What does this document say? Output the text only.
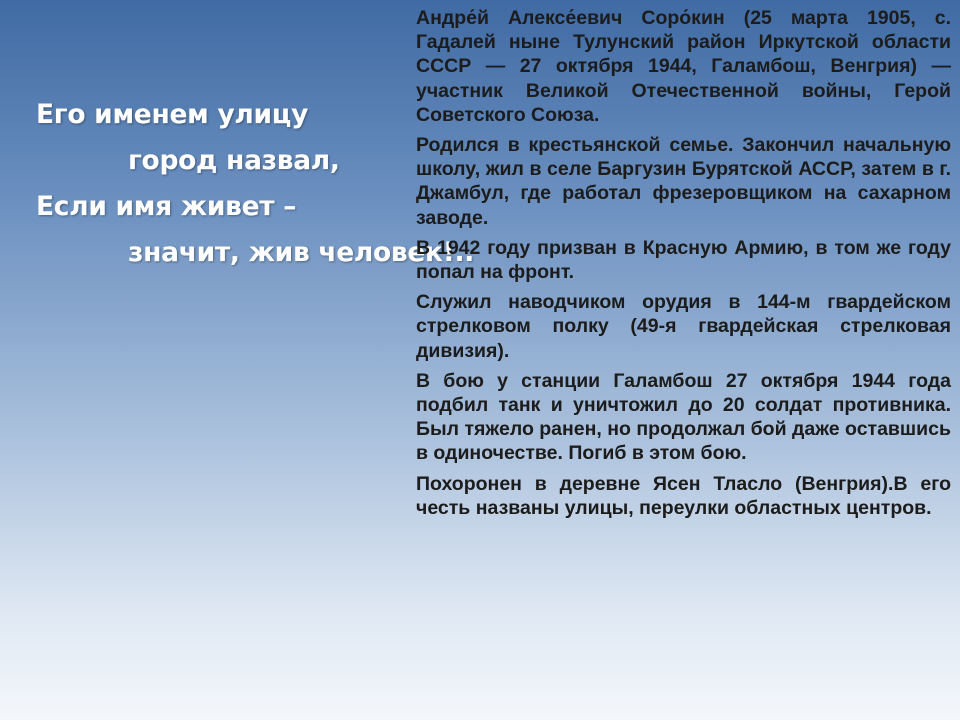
Его именем улицу
город назвал,
Если имя живет –
значит, жив человек!..

Андре́й Алексе́евич Соро́кин (25 марта 1905, с. Гадалей ныне Тулунский район Иркутской области СССР — 27 октября 1944, Галамбош, Венгрия) — участник Великой Отечественной войны, Герой Советского Союза.

Родился в крестьянской семье. Закончил начальную школу, жил в селе Баргузин Бурятской АССР, затем в г. Джамбул, где работал фрезеровщиком на сахарном заводе.

В 1942 году призван в Красную Армию, в том же году попал на фронт.

Служил наводчиком орудия в 144-м гвардейском стрелковом полку (49-я гвардейская стрелковая дивизия).

В бою у станции Галамбош 27 октября 1944 года подбил танк и уничтожил до 20 солдат противника. Был тяжело ранен, но продолжал бой даже оставшись в одиночестве. Погиб в этом бою.

Похоронен в деревне Ясен Тласло (Венгрия).В его честь названы улицы, переулки областных центров.
